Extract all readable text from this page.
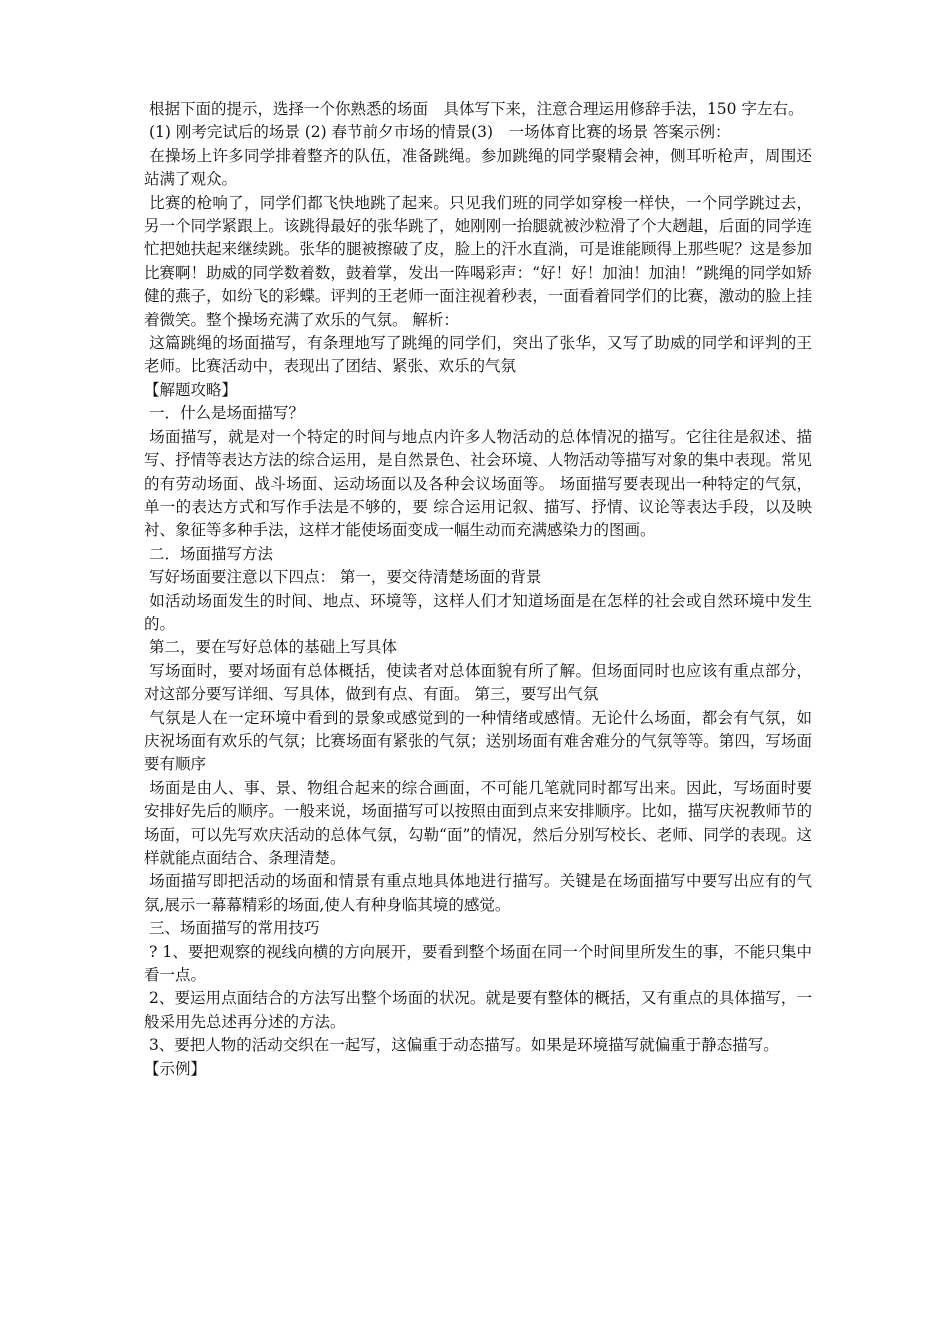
根据下面的提示，选择一个你熟悉的场面　具体写下来，注意合理运用修辞手法，150 字左右。

(1) 刚考完试后的场景 (2) 春节前夕市场的情景(3)　一场体育比赛的场景 答案示例：

在操场上许多同学排着整齐的队伍，准备跳绳。参加跳绳的同学聚精会神，侧耳听枪声，周围还站满了观众。

比赛的枪响了，同学们都飞快地跳了起来。只见我们班的同学如穿梭一样快，一个同学跳过去，另一个同学紧跟上。该跳得最好的张华跳了，她刚刚一抬腿就被沙粒滑了个大趔趄，后面的同学连忙把她扶起来继续跳。张华的腿被擦破了皮，脸上的汗水直淌，可是谁能顾得上那些呢？这是参加比赛啊！助威的同学数着数，鼓着掌，发出一阵喝彩声：“好！好！加油！加油！”跳绳的同学如矫健的燕子，如纷飞的彩蝶。评判的王老师一面注视着秒表，一面看着同学们的比赛，激动的脸上挂着微笑。整个操场充满了欢乐的气氛。 解析：

这篇跳绳的场面描写，有条理地写了跳绳的同学们，突出了张华，又写了助威的同学和评判的王老师。比赛活动中，表现出了团结、紧张、欢乐的气氛

【解题攻略】

一．什么是场面描写？

场面描写，就是对一个特定的时间与地点内许多人物活动的总体情况的描写。它往往是叙述、描写、抒情等表达方法的综合运用，是自然景色、社会环境、人物活动等描写对象的集中表现。常见的有劳动场面、战斗场面、运动场面以及各种会议场面等。 场面描写要表现出一种特定的气氛，单一的表达方式和写作手法是不够的，要 综合运用记叙、描写、抒情、议论等表达手段，以及映衬、象征等多种手法，这样才能使场面变成一幅生动而充满感染力的图画。

二．场面描写方法

写好场面要注意以下四点： 第一，要交待清楚场面的背景

如活动场面发生的时间、地点、环境等，这样人们才知道场面是在怎样的社会或自然环境中发生的。

第二，要在写好总体的基础上写具体

写场面时，要对场面有总体概括，使读者对总体面貌有所了解。但场面同时也应该有重点部分，对这部分要写详细、写具体，做到有点、有面。 第三，要写出气氛

气氛是人在一定环境中看到的景象或感觉到的一种情绪或感情。无论什么场面，都会有气氛，如庆祝场面有欢乐的气氛；比赛场面有紧张的气氛；送别场面有难舍难分的气氛等等。第四，写场面要有顺序

场面是由人、事、景、物组合起来的综合画面，不可能几笔就同时都写出来。因此，写场面时要安排好先后的顺序。一般来说，场面描写可以按照由面到点来安排顺序。比如，描写庆祝教师节的场面，可以先写欢庆活动的总体气氛，勾勒“面”的情况，然后分别写校长、老师、同学的表现。这样就能点面结合、条理清楚。

场面描写即把活动的场面和情景有重点地具体地进行描写。关键是在场面描写中要写出应有的气氛,展示一幕幕精彩的场面,使人有种身临其境的感觉。

三、场面描写的常用技巧

? 1、要把观察的视线向横的方向展开，要看到整个场面在同一个时间里所发生的事，不能只集中看一点。

2、要运用点面结合的方法写出整个场面的状况。就是要有整体的概括，又有重点的具体描写，一般采用先总述再分述的方法。

3、要把人物的活动交织在一起写，这偏重于动态描写。如果是环境描写就偏重于静态描写。

【示例】
